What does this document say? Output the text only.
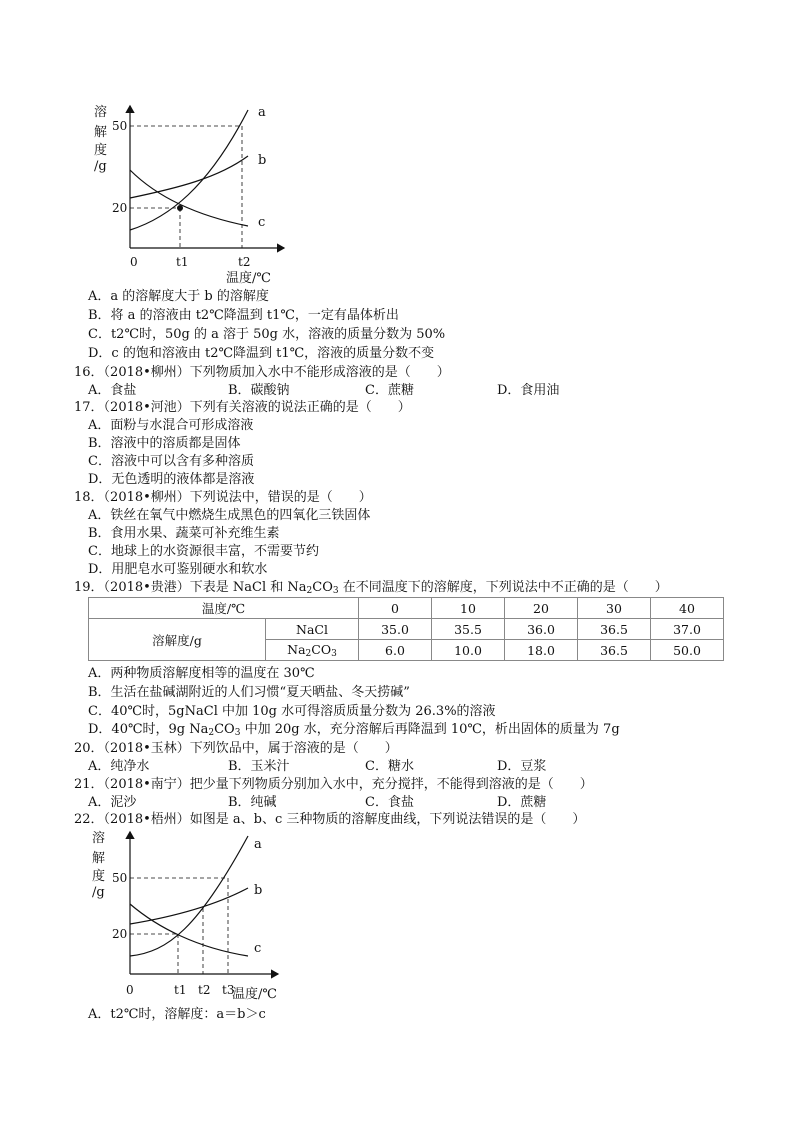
溶
解
度
/g
50
20
a
b
c
0	t1	t2
温度/℃
A．a 的溶解度大于 b 的溶解度
B．将 a 的溶液由 t2℃降温到 t1℃，一定有晶体析出
C．t2℃时，50g 的 a 溶于 50g 水，溶液的质量分数为 50%
D．c 的饱和溶液由 t2℃降温到 t1℃，溶液的质量分数不变
16．（2018•柳州）下列物质加入水中不能形成溶液的是（　　）
A．食盐	B．碳酸钠	C．蔗糖	D．食用油
17．（2018•河池）下列有关溶液的说法正确的是（　　）
A．面粉与水混合可形成溶液
B．溶液中的溶质都是固体
C．溶液中可以含有多种溶质
D．无色透明的液体都是溶液
18．（2018•柳州）下列说法中，错误的是（　　）
A．铁丝在氧气中燃烧生成黑色的四氧化三铁固体
B．食用水果、蔬菜可补充维生素
C．地球上的水资源很丰富，不需要节约
D．用肥皂水可鉴别硬水和软水
19．（2018•贵港）下表是 NaCl 和 $Na_2CO_3$ 在不同温度下的溶解度，下列说法中不正确的是（　　）
温度/℃		0	10	20	30	40
溶解度/g	NaCl	35.0	35.5	36.0	36.5	37.0
	$Na_2CO_3$	6.0	10.0	18.0	36.5	50.0
A．两种物质溶解度相等的温度在 30℃
B．生活在盐碱湖附近的人们习惯“夏天晒盐、冬天捞碱”
C．40℃时，5gNaCl 中加 10g 水可得溶质质量分数为 26.3%的溶液
D．40℃时，9g $Na_2CO_3$ 中加 20g 水，充分溶解后再降温到 10℃，析出固体的质量为 7g
20．（2018•玉林）下列饮品中，属于溶液的是（　　）
A．纯净水	B．玉米汁	C．糖水	D．豆浆
21．（2018•南宁）把少量下列物质分别加入水中，充分搅拌，不能得到溶液的是（　　）
A．泥沙	B．纯碱	C．食盐	D．蔗糖
22．（2018•梧州）如图是 a、b、c 三种物质的溶解度曲线，下列说法错误的是（　　）
溶
解
度
/g
50
20
a
b
c
0	t1 t2 t3
温度/℃
A．t2℃时，溶解度：a＝b＞c
